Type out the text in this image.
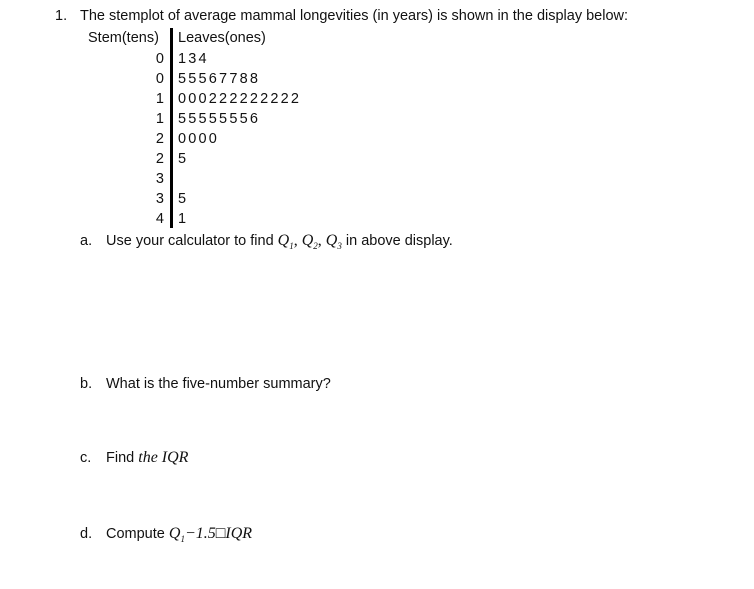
1. The stemplot of average mammal longevities (in years) is shown in the display below:
Stem(tens) Leaves(ones)
0
0
1
1
2
2
3
3
4
134
55567788
000222222222
55555556
0000
5
5
1
a. Use your calculator to find $Q_1$, $Q_2$, $Q_3$ in above display.
b. What is the five-number summary?
c. Find the IQR
d. Compute $Q_1-1.5□IQR$
